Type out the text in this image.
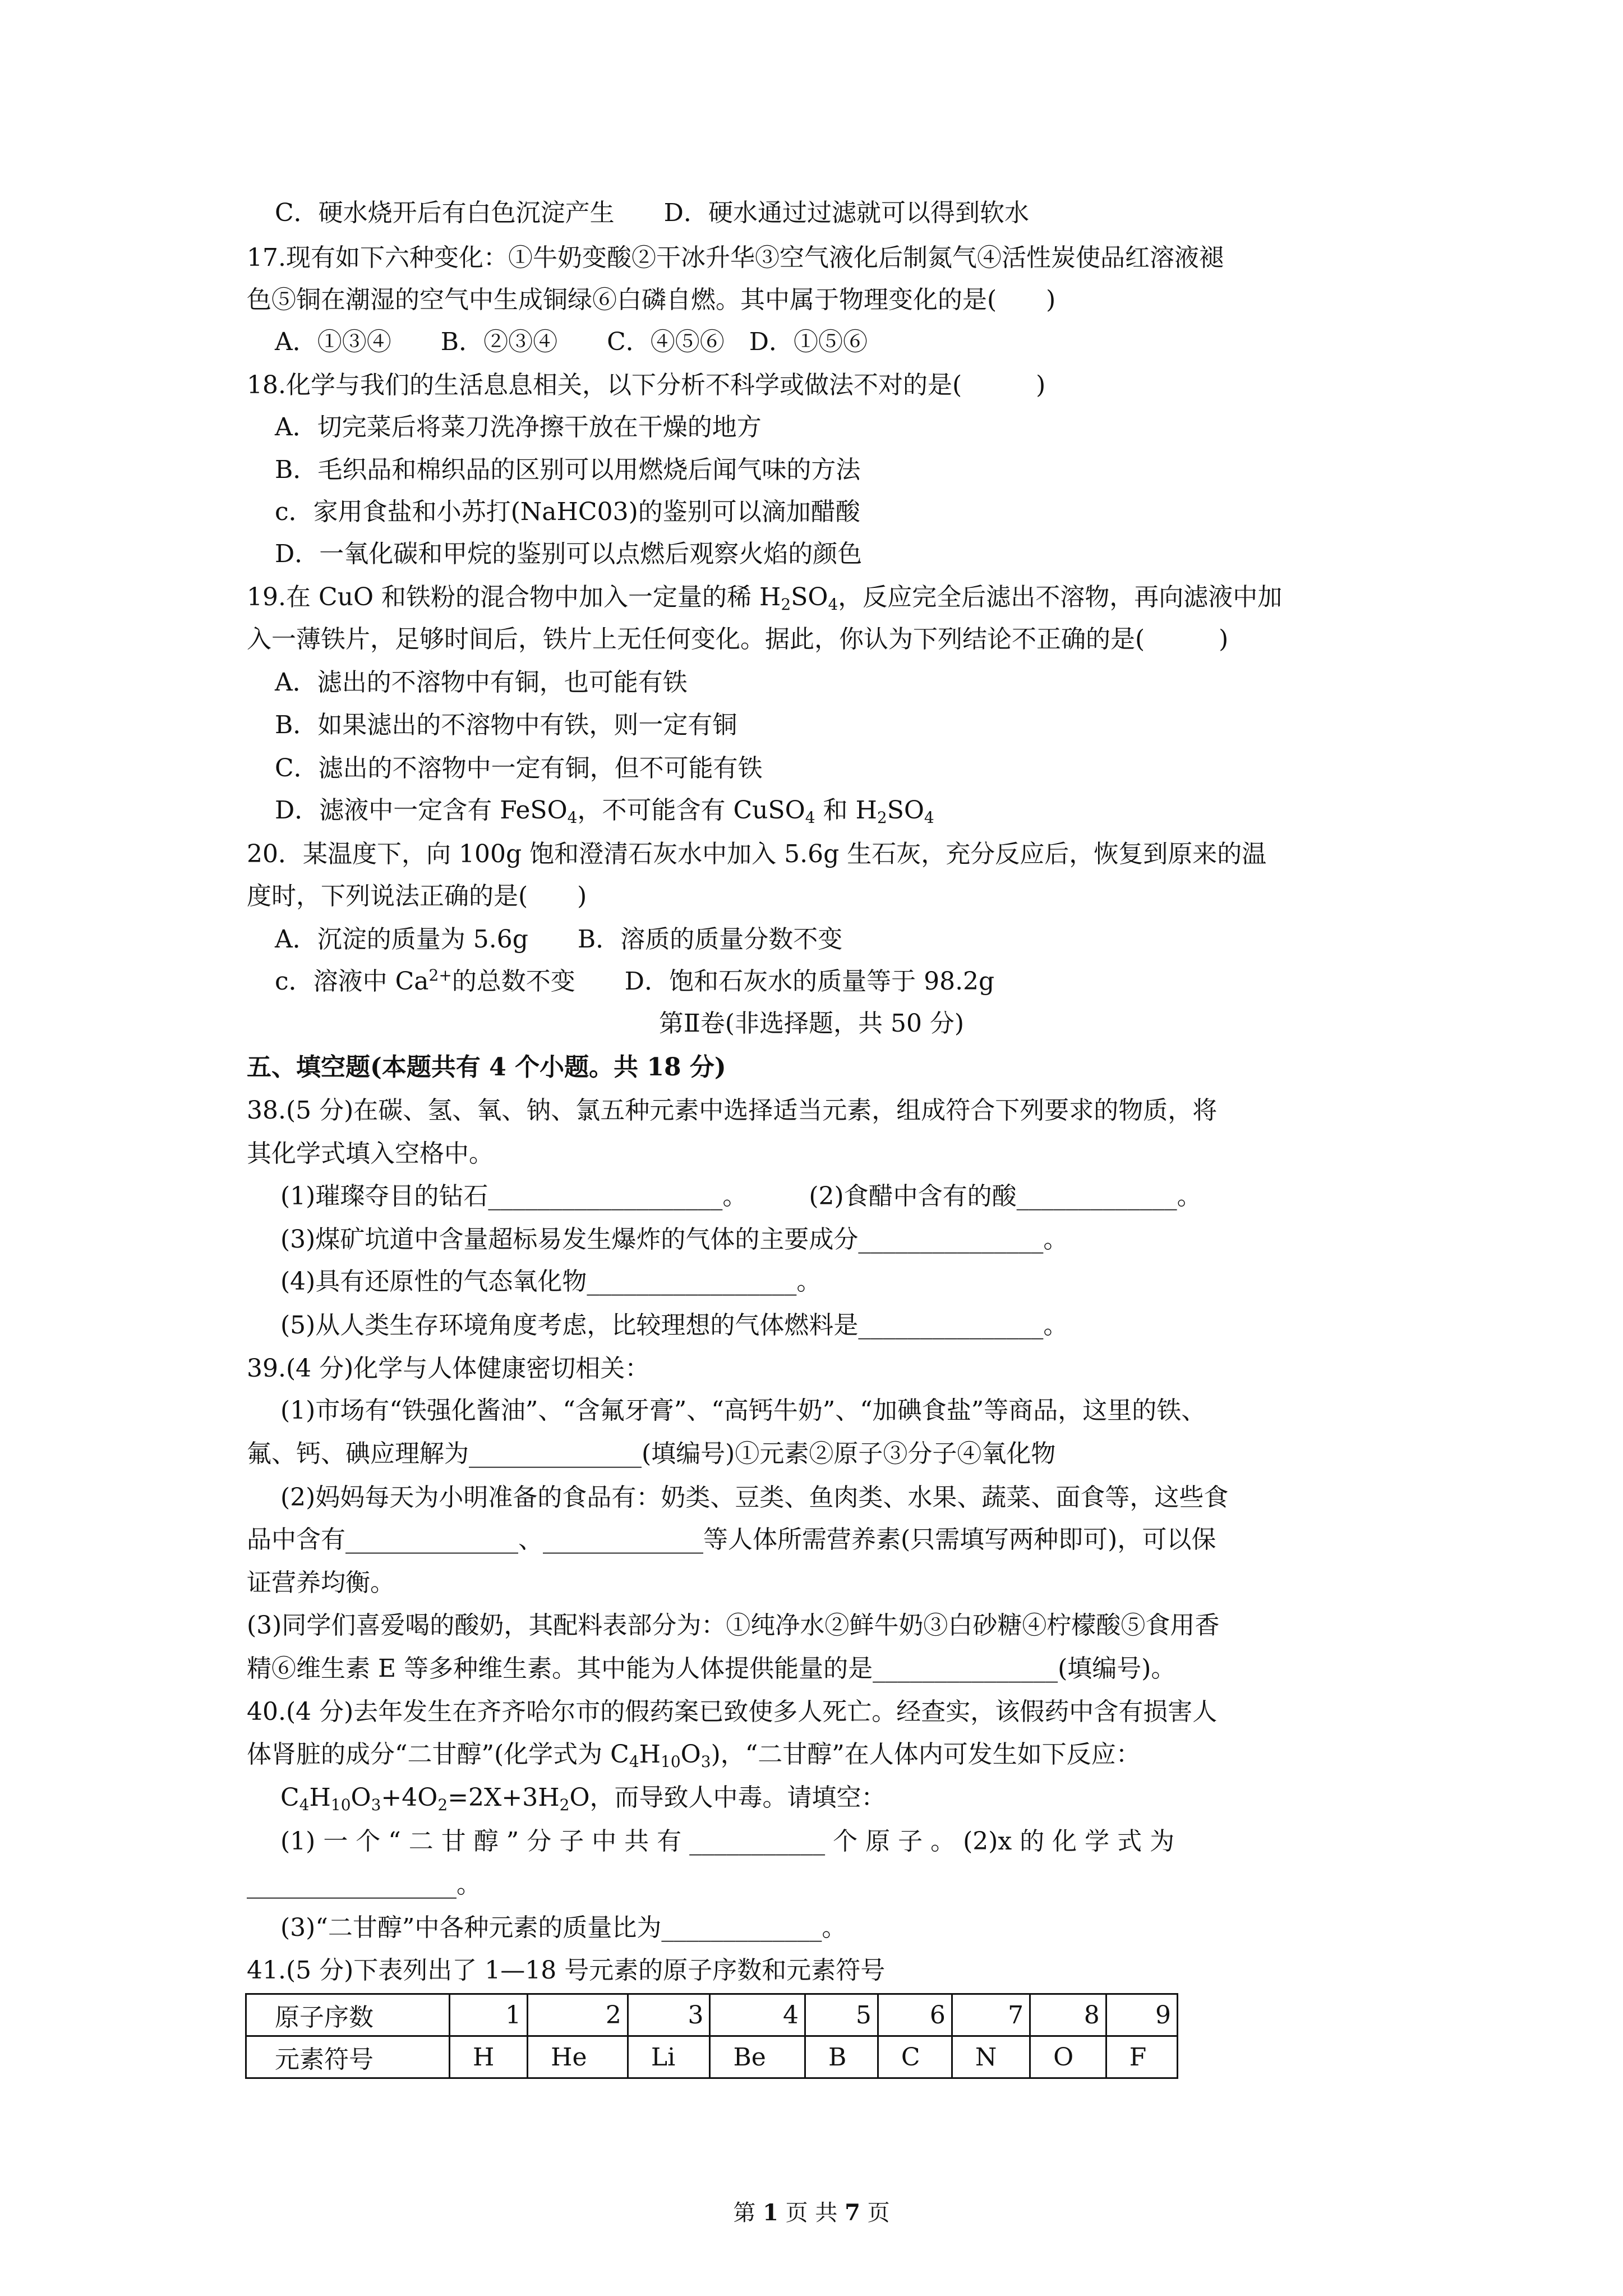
C．硬水烧开后有白色沉淀产生　　D．硬水通过过滤就可以得到软水
17.现有如下六种变化：①牛奶变酸②干冰升华③空气液化后制氮气④活性炭使品红溶液褪
色⑤铜在潮湿的空气中生成铜绿⑥白磷自燃。其中属于物理变化的是(　　)
A．①③④　　B．②③④　　C．④⑤⑥　D．①⑤⑥
18.化学与我们的生活息息相关，以下分析不科学或做法不对的是(　　　)
A．切完菜后将菜刀洗净擦干放在干燥的地方
B．毛织品和棉织品的区别可以用燃烧后闻气味的方法
c．家用食盐和小苏打(NaHC03)的鉴别可以滴加醋酸
D．一氧化碳和甲烷的鉴别可以点燃后观察火焰的颜色
19.在 CuO 和铁粉的混合物中加入一定量的稀 $H_2SO_4$，反应完全后滤出不溶物，再向滤液中加
入一薄铁片，足够时间后，铁片上无任何变化。据此，你认为下列结论不正确的是(　　　)
A．滤出的不溶物中有铜，也可能有铁
B．如果滤出的不溶物中有铁，则一定有铜
C．滤出的不溶物中一定有铜，但不可能有铁
D．滤液中一定含有 FeSO$_4$，不可能含有 CuSO$_4$ 和 $H_2SO_4$
20．某温度下，向 100g 饱和澄清石灰水中加入 5.6g 生石灰，充分反应后，恢复到原来的温
度时，下列说法正确的是(　　)
A．沉淀的质量为 5.6g　　B．溶质的质量分数不变
c．溶液中 $Ca^{2+}$的总数不变　　D．饱和石灰水的质量等于 98.2g
第Ⅱ卷(非选择题，共 50 分)
五、填空题(本题共有 4 个小题。共 18 分)
38.(5 分)在碳、氢、氧、钠、氯五种元素中选择适当元素，组成符合下列要求的物质，将
其化学式填入空格中。
(1)璀璨夺目的钻石___________________。　　　(2)食醋中含有的酸_____________。
(3)煤矿坑道中含量超标易发生爆炸的气体的主要成分_______________。
(4)具有还原性的气态氧化物_________________。
(5)从人类生存环境角度考虑，比较理想的气体燃料是_______________。
39.(4 分)化学与人体健康密切相关：
(1)市场有“铁强化酱油”、“含氟牙膏”、“高钙牛奶”、“加碘食盐”等商品，这里的铁、
氟、钙、碘应理解为______________(填编号)①元素②原子③分子④氧化物
(2)妈妈每天为小明准备的食品有：奶类、豆类、鱼肉类、水果、蔬菜、面食等，这些食
品中含有______________、_____________等人体所需营养素(只需填写两种即可)，可以保
证营养均衡。
(3)同学们喜爱喝的酸奶，其配料表部分为：①纯净水②鲜牛奶③白砂糖④柠檬酸⑤食用香
精⑥维生素 E 等多种维生素。其中能为人体提供能量的是_______________(填编号)。
40.(4 分)去年发生在齐齐哈尔市的假药案已致使多人死亡。经查实，该假药中含有损害人
体肾脏的成分“二甘醇”(化学式为 $C_4H_{10}O_3$)，“二甘醇”在人体内可发生如下反应：
$C_4H_{10}O_3+4O_2=2X+3H_2O$，而导致人中毒。请填空：
(1) 一 个 “ 二 甘 醇 ” 分 子 中 共 有 ___________ 个 原 子 。 (2)x 的 化 学 式 为
_________________。
(3)“二甘醇”中各种元素的质量比为_____________。
41.(5 分)下表列出了 1—18 号元素的原子序数和元素符号
原子序数	1	2	3	4	5	6	7	8	9
元素符号	H	He	Li	Be	B	C	N	O	F
第 1 页 共 7 页
